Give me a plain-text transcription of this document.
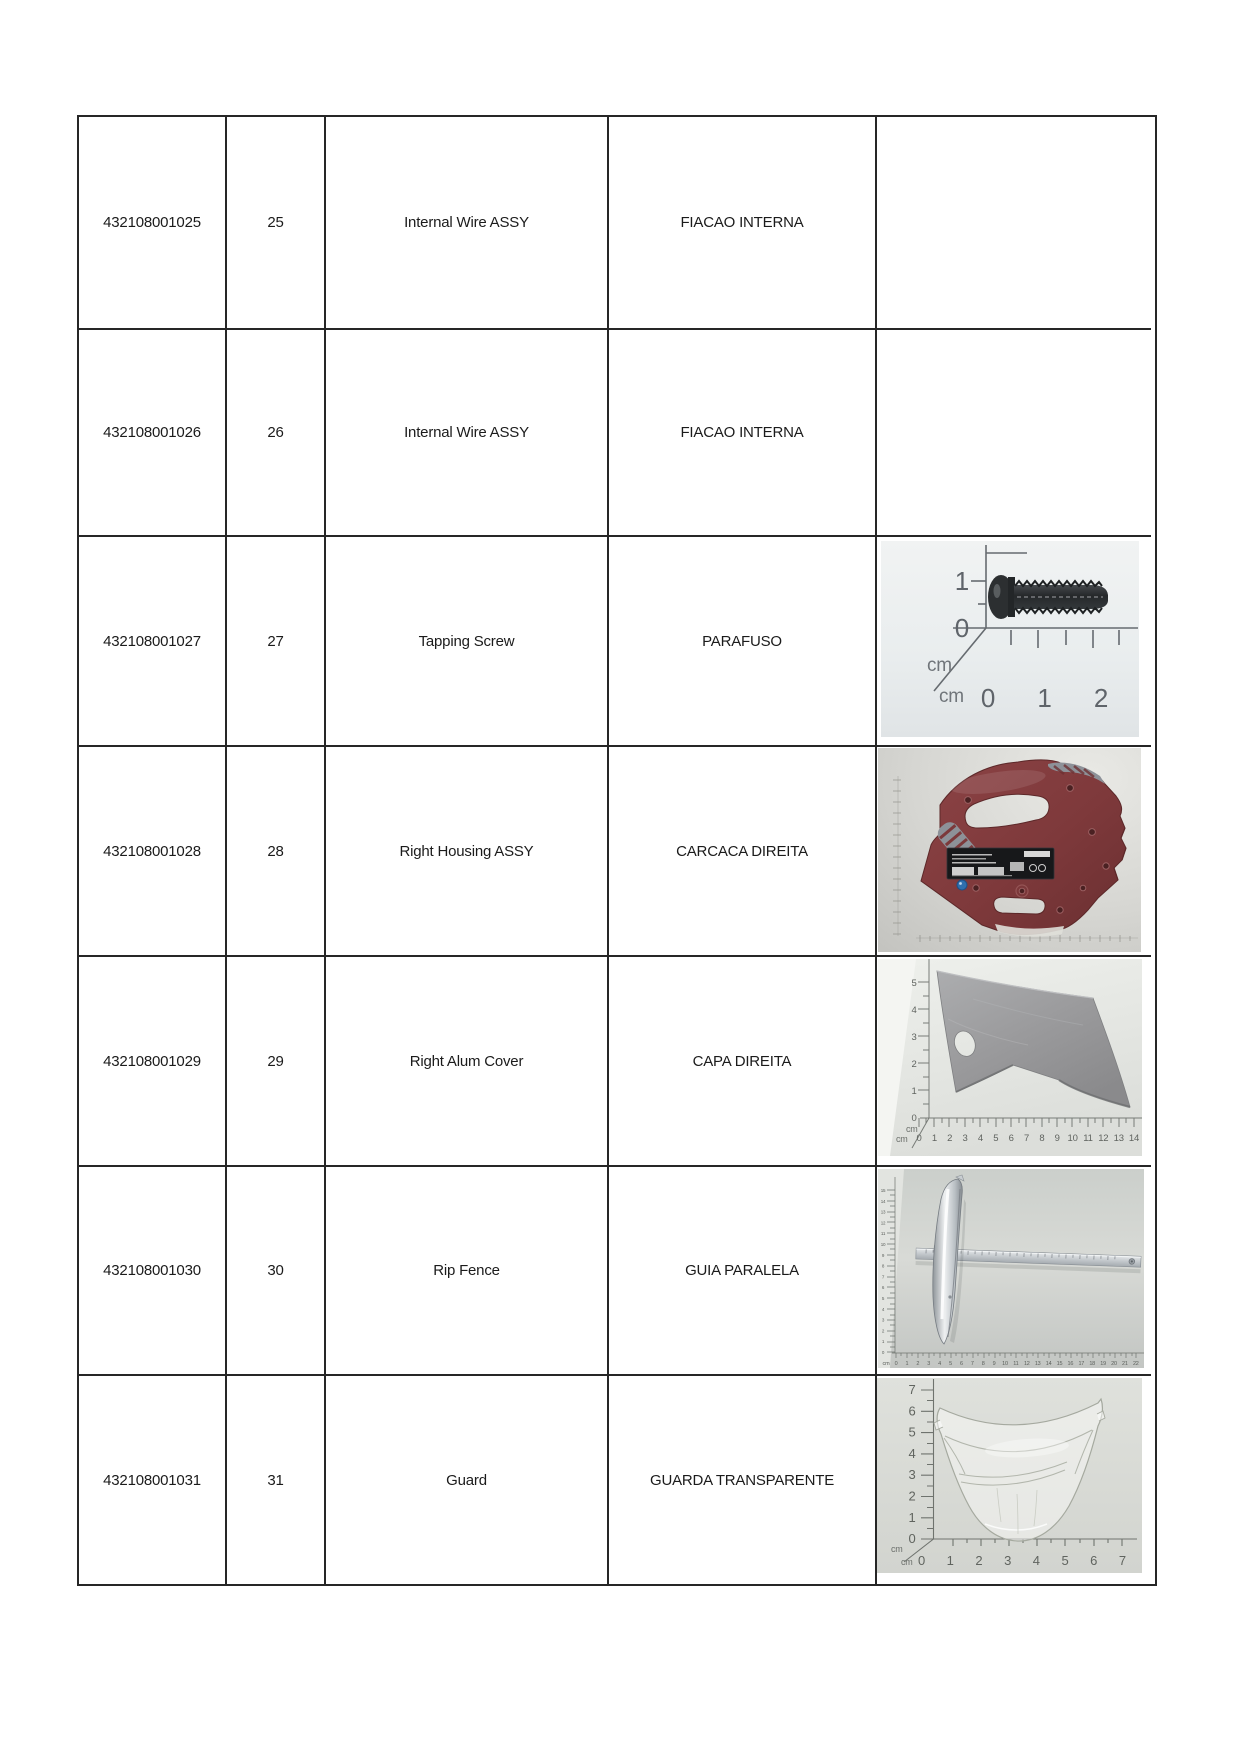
432108001025	25	Internal Wire ASSY	FIACAO INTERNA
432108001026	26	Internal Wire ASSY	FIACAO INTERNA
432108001027	27	Tapping Screw	PARAFUSO
1
0
cm
cm 0 1 2
432108001028	28	Right Housing ASSY	CARCACA DIREITA
432108001029	29	Right Alum Cover	CAPA DIREITA
5
4
3
2
1
0
cm
cm 0 1 2 3 4 5 6 7 8 9 10 11 12 13 14
432108001030	30	Rip Fence	GUIA PARALELA
15
14
13
12
11
10
9
8
7
6
5
4
3
2
1
0
cm 0 1 2 3 4 5 6 7 8 9 10 11 12 13 14 15 16 17 18 19 20 21 22
432108001031	31	Guard	GUARDA TRANSPARENTE
7
6
5
4
3
2
1
0
cm
cm 0 1 2 3 4 5 6 7
